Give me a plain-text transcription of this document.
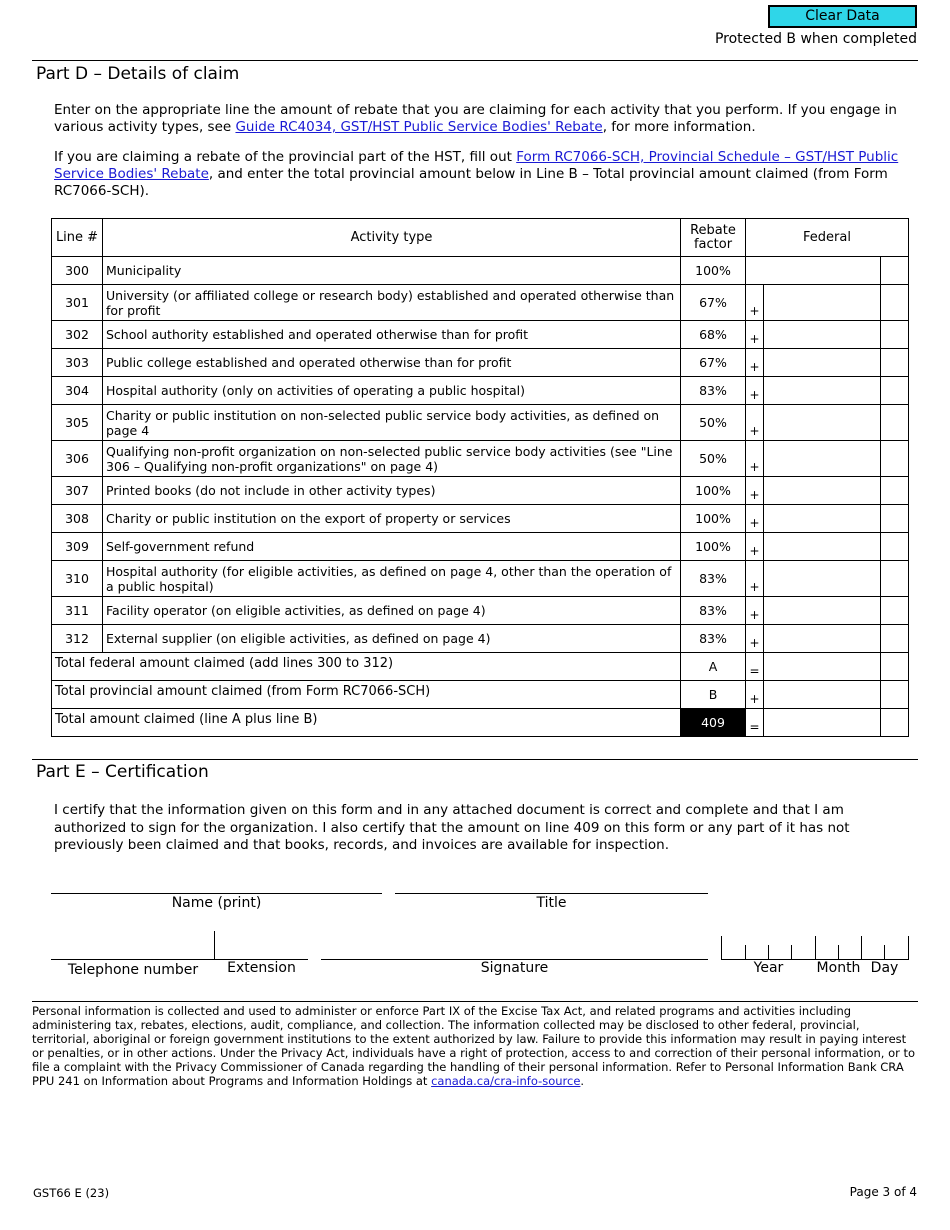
Clear Data
Protected B when completed
Part D – Details of claim
Enter on the appropriate line the amount of rebate that you are claiming for each activity that you perform. If you engage in various activity types, see Guide RC4034, GST/HST Public Service Bodies' Rebate, for more information.
If you are claiming a rebate of the provincial part of the HST, fill out Form RC7066-SCH, Provincial Schedule – GST/HST Public Service Bodies' Rebate, and enter the total provincial amount below in Line B – Total provincial amount claimed (from Form RC7066-SCH).
Line #	Activity type	Rebate factor	Federal
300	Municipality	100%	

301	University (or affiliated college or research body) established and operated otherwise than for profit	67%	+

302	School authority established and operated otherwise than for profit	68%	+

303	Public college established and operated otherwise than for profit	67%	+

304	Hospital authority (only on activities of operating a public hospital)	83%	+

305	Charity or public institution on non-selected public service body activities, as defined on page 4	50%	+

306	Qualifying non-profit organization on non-selected public service body activities (see "Line 306 – Qualifying non-profit organizations" on page 4)	50%	+

307	Printed books (do not include in other activity types)	100%	+

308	Charity or public institution on the export of property or services	100%	+

309	Self-government refund	100%	+

310	Hospital authority (for eligible activities, as defined on page 4, other than the operation of a public hospital)	83%	+

311	Facility operator (on eligible activities, as defined on page 4)	83%	+

312	External supplier (on eligible activities, as defined on page 4)	83%	+

Total federal amount claimed (add lines 300 to 312)		A	=

Total provincial amount claimed (from Form RC7066-SCH)		B	+

Total amount claimed (line A plus line B)		409	=
Part E – Certification
I certify that the information given on this form and in any attached document is correct and complete and that I am authorized to sign for the organization. I also certify that the amount on line 409 on this form or any part of it has not previously been claimed and that books, records, and invoices are available for inspection.
Name (print)	Title
Telephone number	Extension	Signature	Year	Month Day
Personal information is collected and used to administer or enforce Part IX of the Excise Tax Act, and related programs and activities including administering tax, rebates, elections, audit, compliance, and collection. The information collected may be disclosed to other federal, provincial, territorial, aboriginal or foreign government institutions to the extent authorized by law. Failure to provide this information may result in paying interest or penalties, or in other actions. Under the Privacy Act, individuals have a right of protection, access to and correction of their personal information, or to file a complaint with the Privacy Commissioner of Canada regarding the handling of their personal information. Refer to Personal Information Bank CRA PPU 241 on Information about Programs and Information Holdings at canada.ca/cra-info-source.
GST66 E (23)	Page 3 of 4
